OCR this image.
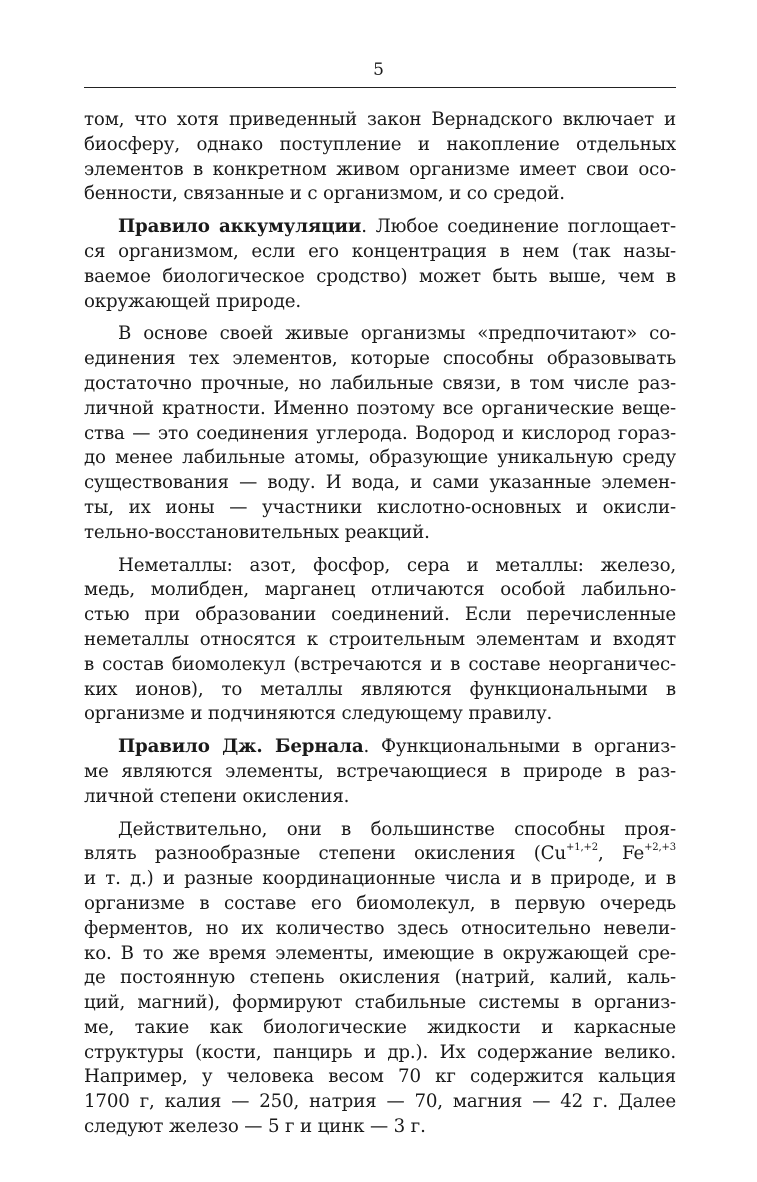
5
том, что хотя приведенный закон Вернадского включает и
биосферу, однако поступление и накопление отдельных
элементов в конкретном живом организме имеет свои осо-
бенности, связанные и с организмом, и со средой.
Правило аккумуляции. Любое соединение поглощает-
ся организмом, если его концентрация в нем (так назы-
ваемое биологическое сродство) может быть выше, чем в
окружающей природе.
В основе своей живые организмы «предпочитают» со-
единения тех элементов, которые способны образовывать
достаточно прочные, но лабильные связи, в том числе раз-
личной кратности. Именно поэтому все органические веще-
ства — это соединения углерода. Водород и кислород гораз-
до менее лабильные атомы, образующие уникальную среду
существования — воду. И вода, и сами указанные элемен-
ты, их ионы — участники кислотно-основных и окисли-
тельно-восстановительных реакций.
Неметаллы: азот, фосфор, сера и металлы: железо,
медь, молибден, марганец отличаются особой лабильно-
стью при образовании соединений. Если перечисленные
неметаллы относятся к строительным элементам и входят
в состав биомолекул (встречаются и в составе неорганичес-
ких ионов), то металлы являются функциональными в
организме и подчиняются следующему правилу.
Правило Дж. Бернала. Функциональными в организ-
ме являются элементы, встречающиеся в природе в раз-
личной степени окисления.
Действительно, они в большинстве способны проя-
влять разнообразные степени окисления ($Cu^{+1,+2}$, $Fe^{+2,+3}$
и т. д.) и разные координационные числа и в природе, и в
организме в составе его биомолекул, в первую очередь
ферментов, но их количество здесь относительно невели-
ко. В то же время элементы, имеющие в окружающей сре-
де постоянную степень окисления (натрий, калий, каль-
ций, магний), формируют стабильные системы в организ-
ме, такие как биологические жидкости и каркасные
структуры (кости, панцирь и др.). Их содержание велико.
Например, у человека весом 70 кг содержится кальция
1700 г, калия — 250, натрия — 70, магния — 42 г. Далее
следуют железо — 5 г и цинк — 3 г.
